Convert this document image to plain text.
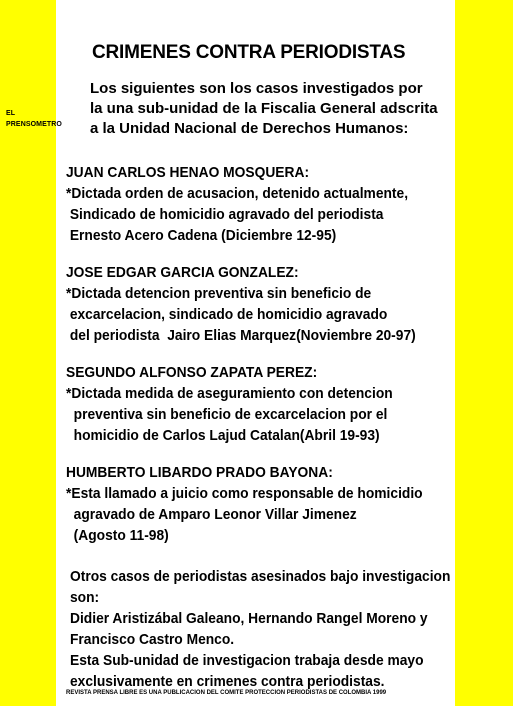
EL
PRENSOMETRO
CRIMENES CONTRA PERIODISTAS
Los siguientes son los casos investigados por
la una sub-unidad de la Fiscalia General adscrita
a la Unidad Nacional de Derechos Humanos:
JUAN CARLOS HENAO MOSQUERA:
*Dictada orden de acusacion, detenido actualmente,
Sindicado de homicidio agravado del periodista
Ernesto Acero Cadena (Diciembre 12-95)
JOSE EDGAR GARCIA GONZALEZ:
*Dictada detencion preventiva sin beneficio de
excarcelacion, sindicado de homicidio agravado
del periodista  Jairo Elias Marquez(Noviembre 20-97)
SEGUNDO ALFONSO ZAPATA PEREZ:
*Dictada medida de aseguramiento con detencion
preventiva sin beneficio de excarcelacion por el
homicidio de Carlos Lajud Catalan(Abril 19-93)
HUMBERTO LIBARDO PRADO BAYONA:
*Esta llamado a juicio como responsable de homicidio
agravado de Amparo Leonor Villar Jimenez
(Agosto 11-98)
Otros casos de periodistas asesinados bajo investigacion
son:
Didier Aristizábal Galeano, Hernando Rangel Moreno y
Francisco Castro Menco.
Esta Sub-unidad de investigacion trabaja desde mayo
exclusivamente en crimenes contra periodistas.
REVISTA PRENSA LIBRE ES UNA PUBLICACION DEL COMITE PROTECCION PERIODISTAS DE COLOMBIA 1999
